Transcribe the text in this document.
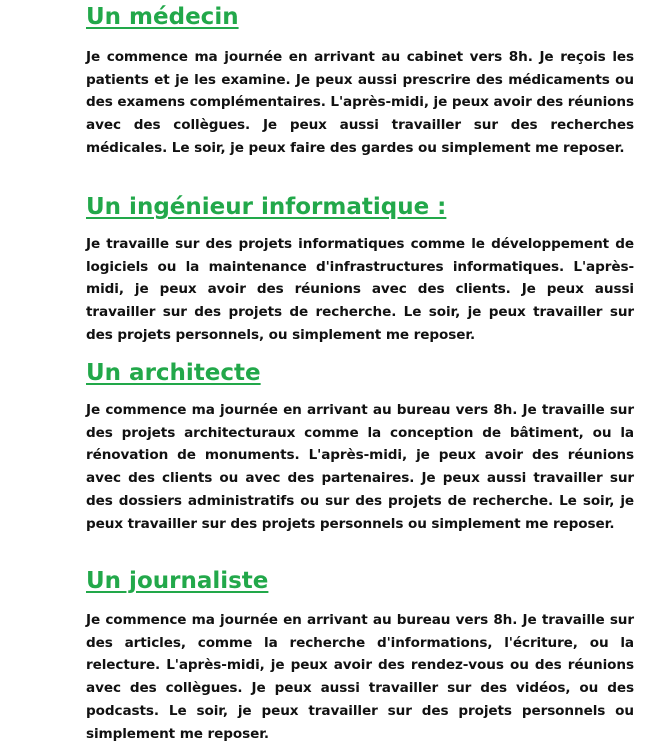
Un médecin

Je commence ma journée en arrivant au cabinet vers 8h. Je reçois les patients et je les examine. Je peux aussi prescrire des médicaments ou des examens complémentaires. L'après-midi, je peux avoir des réunions avec des collègues. Je peux aussi travailler sur des recherches médicales. Le soir, je peux faire des gardes ou simplement me reposer.

Un ingénieur informatique :

Je travaille sur des projets informatiques comme le développement de logiciels ou la maintenance d'infrastructures informatiques. L'après-midi, je peux avoir des réunions avec des clients. Je peux aussi travailler sur des projets de recherche. Le soir, je peux travailler sur des projets personnels, ou simplement me reposer.

Un architecte

Je commence ma journée en arrivant au bureau vers 8h. Je travaille sur des projets architecturaux comme la conception de bâtiment, ou la rénovation de monuments. L'après-midi, je peux avoir des réunions avec des clients ou avec des partenaires. Je peux aussi travailler sur des dossiers administratifs ou sur des projets de recherche. Le soir, je peux travailler sur des projets personnels ou simplement me reposer.

Un journaliste

Je commence ma journée en arrivant au bureau vers 8h. Je travaille sur des articles, comme la recherche d'informations, l'écriture, ou la relecture. L'après-midi, je peux avoir des rendez-vous ou des réunions avec des collègues. Je peux aussi travailler sur des vidéos, ou des podcasts. Le soir, je peux travailler sur des projets personnels ou simplement me reposer.
